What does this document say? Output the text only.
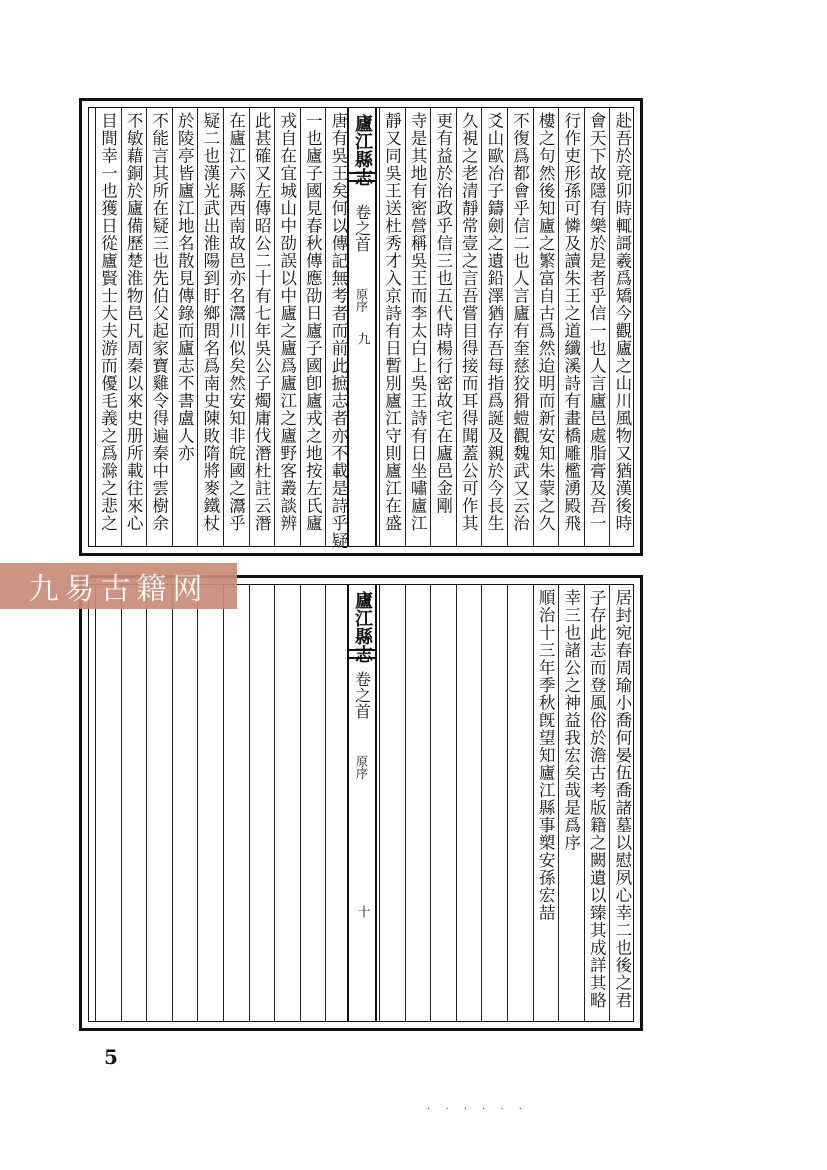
赴吾於竟卯時輒謌羲爲矯今觀廬之山川風物又猶漢後時
會天下故隱有樂於是者乎信一也人言廬邑處脂膏及吾一
行作吏形孫可憐及讀朱王之道纖溪詩有畫橋雕檻湧殿飛
樓之句然後知廬之繁富自古爲然迨明而新安知朱蒙之久
不復爲都會乎信二也人言廬有奎慈狡猾螘觀魏武又云治
爻山歐冶子鑄劍之遺鉛澤猶存吾每指爲誕及親於今長生
久視之老清靜常壹之言吾嘗目得接而耳得聞蓋公可作其
更有益於治政乎信三也五代時楊行密故宅在廬邑金剛
寺是其地有密營稱吳王而李太白上吳王詩有日坐嘯廬江
靜又同吳王送杜秀才入京詩有日暫別廬江守則廬江在盛
廬江縣志
卷之首
原序
九
唐有吳王矣何以傳記無考者而前此摭志者亦不載是詩乎疑
一也廬子國見春秋傳應劭日廬子國卽廬戎之地按左氏廬
戎自在宜城山中劭誤以中廬之廬爲廬江之廬野客叢談辨
此甚確又左傳昭公二十有七年吳公子燭庸伐潛杜註云潛
在廬江六縣西南故邑亦名灊川似矣然安知非皖國之灊乎
疑二也漢光武出淮陽到盱鄉問名爲南史陳敗隋將麥鐵杖
於陵亭皆廬江地名散見傳錄而廬志不書盧人亦
不能言其所在疑三也先伯父起家寶雞令得遍秦中雲樹余
不敏藉銅於廬備歷楚淮物邑凡周秦以來史册所載往來心
目間幸一也獲日從廬賢士大夫游而優毛義之爲滁之悲之
居封宛春周瑜小喬何晏伍喬諸墓以慰夙心幸二也後之君
子存此志而登風俗於澹古考版籍之闕遺以臻其成詳其略
幸三也諸公之神益我宏矣哉是爲序
順治十三年季秋旣望知廬江縣事槊安孫宏喆
廬江縣志
卷之首
原序
十
九易古籍网
5
· · · · · ·
